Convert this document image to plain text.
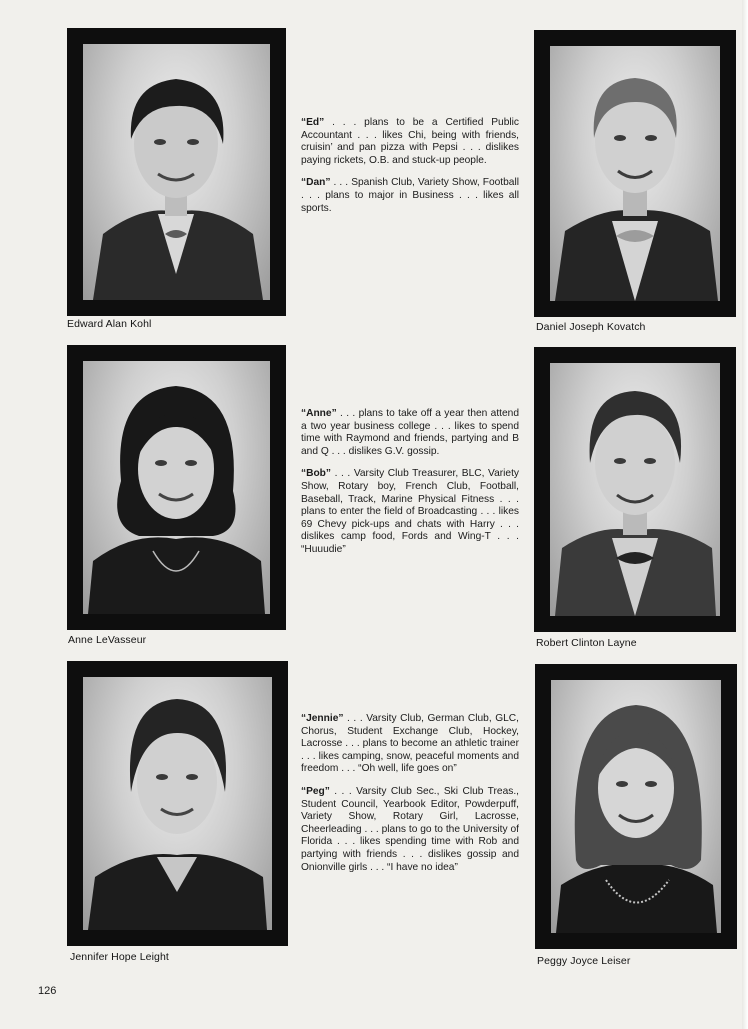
Edward Alan Kohl	Daniel Joseph Kovatch
Anne LeVasseur	Robert Clinton Layne
Jennifer Hope Leight	Peggy Joyce Leiser

“Ed” . . . plans to be a Certified Public Accountant . . . likes Chi, being with friends, cruisin’ and pan pizza with Pepsi . . . dislikes paying rickets, O.B. and stuck-up people.

“Dan” . . . Spanish Club, Variety Show, Football . . . plans to major in Business . . . likes all sports.

“Anne” . . . plans to take off a year then attend a two year business college . . . likes to spend time with Raymond and friends, partying and B and Q . . . dislikes G.V. gossip.

“Bob” . . . Varsity Club Treasurer, BLC, Variety Show, Rotary boy, French Club, Football, Baseball, Track, Marine Physical Fitness . . . plans to enter the field of Broadcasting . . . likes 69 Chevy pick-ups and chats with Harry . . . dislikes camp food, Fords and Wing-T . . . “Huuudie”

“Jennie” . . . Varsity Club, German Club, GLC, Chorus, Student Exchange Club, Hockey, Lacrosse . . . plans to become an athletic trainer . . . likes camping, snow, peaceful moments and freedom . . . “Oh well, life goes on”

“Peg” . . . Varsity Club Sec., Ski Club Treas., Student Council, Yearbook Editor, Powderpuff, Variety Show, Rotary Girl, Lacrosse, Cheerleading . . . plans to go to the University of Florida . . . likes spending time with Rob and partying with friends . . . dislikes gossip and Onionville girls . . . “I have no idea”

126
